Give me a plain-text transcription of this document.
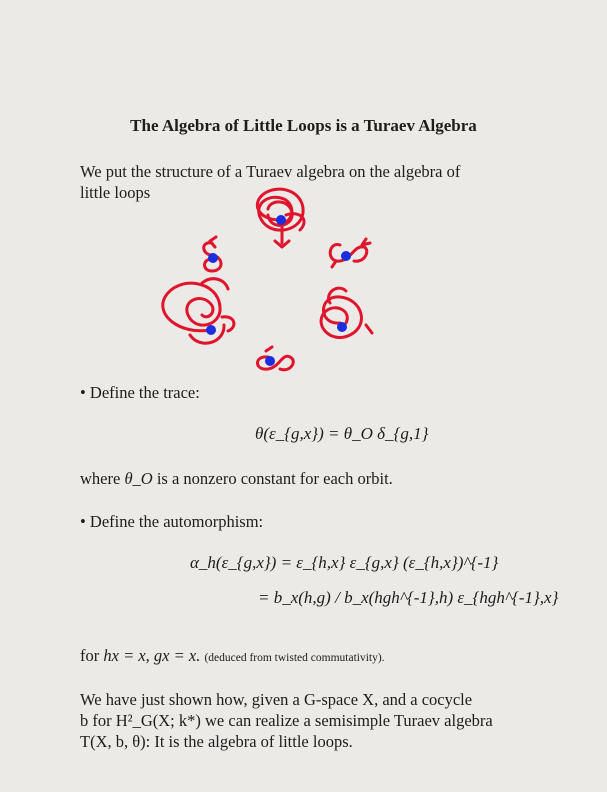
The Algebra of Little Loops is a Turaev Algebra
We put the structure of a Turaev algebra on the algebra of
little loops
• Define the trace:
θ(ε_{g,x}) = θ_O δ_{g,1}
where θ_O is a nonzero constant for each orbit.
• Define the automorphism:
α_h(ε_{g,x}) = ε_{h,x} ε_{g,x} (ε_{h,x})^{-1}
= b_x(h,g) / b_x(hgh^{-1},h) ε_{hgh^{-1},x}
for hx = x, gx = x. (deduced from twisted commutativity).
We have just shown how, given a G-space X, and a cocycle
b for H²_G(X; k*) we can realize a semisimple Turaev algebra
T(X, b, θ): It is the algebra of little loops.
